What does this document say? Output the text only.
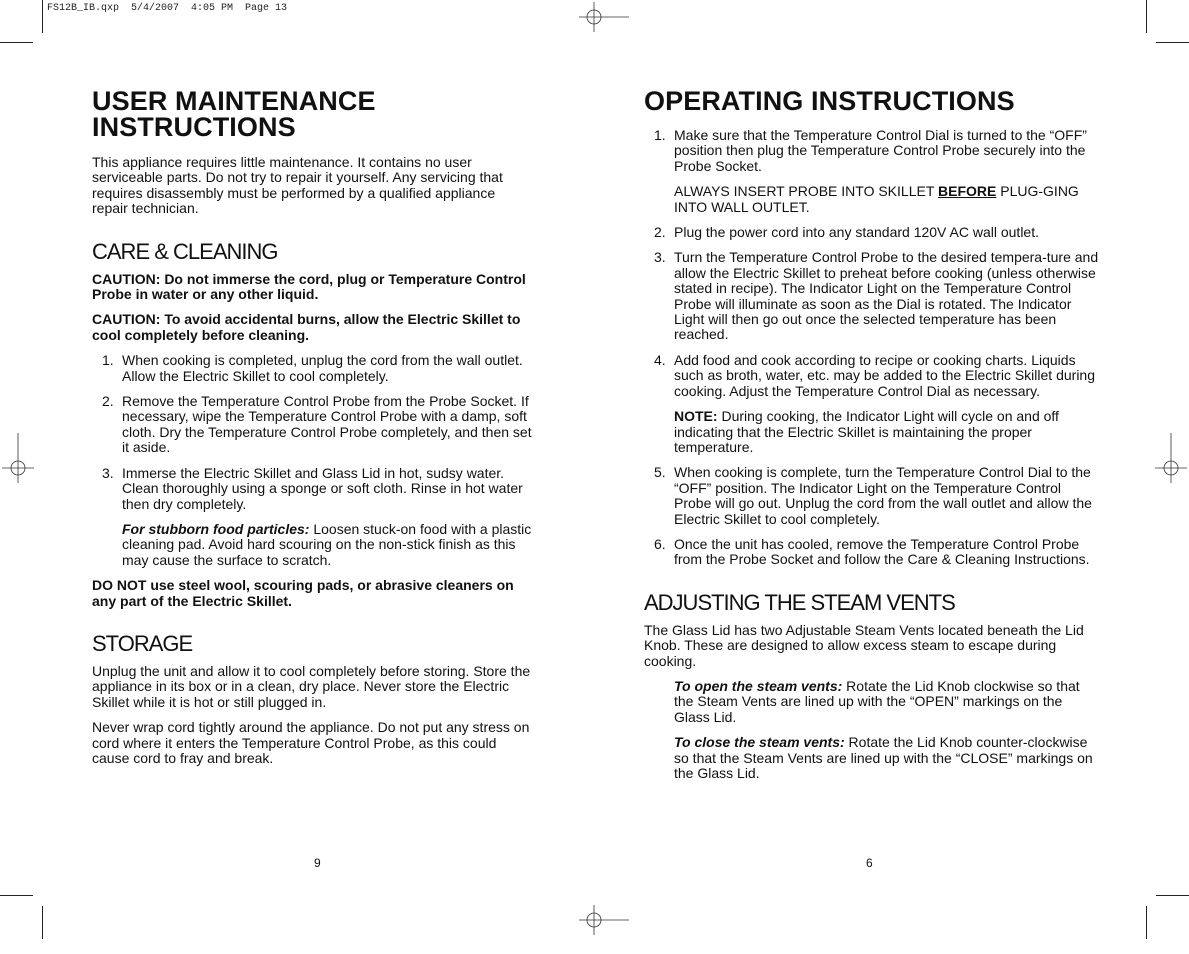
FS12B_IB.qxp  5/4/2007  4:05 PM  Page 13
USER MAINTENANCE
INSTRUCTIONS

This appliance requires little maintenance. It contains no user serviceable parts. Do not try to repair it yourself. Any servicing that requires disassembly must be performed by a qualified appliance repair technician.

CARE & CLEANING

CAUTION: Do not immerse the cord, plug or Temperature Control Probe in water or any other liquid.

CAUTION: To avoid accidental burns, allow the Electric Skillet to cool completely before cleaning.

1. When cooking is completed, unplug the cord from the wall outlet. Allow the Electric Skillet to cool completely.
2. Remove the Temperature Control Probe from the Probe Socket. If necessary, wipe the Temperature Control Probe with a damp, soft cloth. Dry the Temperature Control Probe completely, and then set it aside.
3. Immerse the Electric Skillet and Glass Lid in hot, sudsy water. Clean thoroughly using a sponge or soft cloth. Rinse in hot water then dry completely.

For stubborn food particles: Loosen stuck-on food with a plastic cleaning pad. Avoid hard scouring on the non-stick finish as this may cause the surface to scratch.

DO NOT use steel wool, scouring pads, or abrasive cleaners on any part of the Electric Skillet.

STORAGE

Unplug the unit and allow it to cool completely before storing. Store the appliance in its box or in a clean, dry place. Never store the Electric Skillet while it is hot or still plugged in.

Never wrap cord tightly around the appliance. Do not put any stress on cord where it enters the Temperature Control Probe, as this could cause cord to fray and break.

9
OPERATING INSTRUCTIONS
1. Make sure that the Temperature Control Dial is turned to the “OFF” position then plug the Temperature Control Probe securely into the Probe Socket.

ALWAYS INSERT PROBE INTO SKILLET BEFORE PLUG-GING INTO WALL OUTLET.

2. Plug the power cord into any standard 120V AC wall outlet.
3. Turn the Temperature Control Probe to the desired tempera-ture and allow the Electric Skillet to preheat before cooking (unless otherwise stated in recipe). The Indicator Light on the Temperature Control Probe will illuminate as soon as the Dial is rotated. The Indicator Light will then go out once the selected temperature has been reached.
4. Add food and cook according to recipe or cooking charts. Liquids such as broth, water, etc. may be added to the Electric Skillet during cooking. Adjust the Temperature Control Dial as necessary.

NOTE: During cooking, the Indicator Light will cycle on and off indicating that the Electric Skillet is maintaining the proper temperature.

5. When cooking is complete, turn the Temperature Control Dial to the “OFF” position. The Indicator Light on the Temperature Control Probe will go out. Unplug the cord from the wall outlet and allow the Electric Skillet to cool completely.
6. Once the unit has cooled, remove the Temperature Control Probe from the Probe Socket and follow the Care & Cleaning Instructions.
ADJUSTING THE STEAM VENTS

The Glass Lid has two Adjustable Steam Vents located beneath the Lid Knob. These are designed to allow excess steam to escape during cooking.

To open the steam vents: Rotate the Lid Knob clockwise so that the Steam Vents are lined up with the “OPEN” markings on the Glass Lid.

To close the steam vents: Rotate the Lid Knob counter-clockwise so that the Steam Vents are lined up with the “CLOSE” markings on the Glass Lid.

6
